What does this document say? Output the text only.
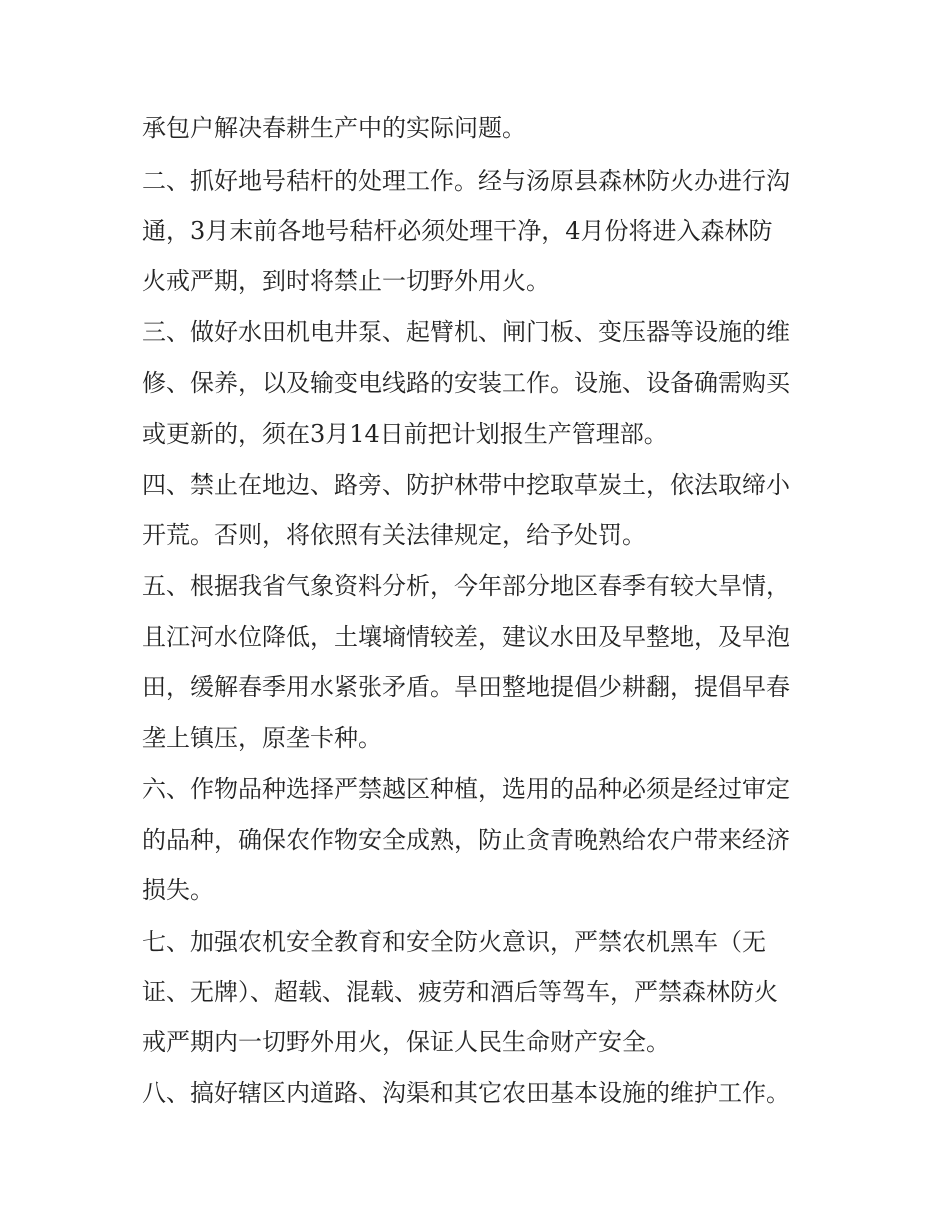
承包户解决春耕生产中的实际问题。
二、抓好地号秸杆的处理工作。经与汤原县森林防火办进行沟
通，3月末前各地号秸杆必须处理干净，4月份将进入森林防
火戒严期，到时将禁止一切野外用火。
三、做好水田机电井泵、起臂机、闸门板、变压器等设施的维
修、保养，以及输变电线路的安装工作。设施、设备确需购买
或更新的，须在3月14日前把计划报生产管理部。
四、禁止在地边、路旁、防护林带中挖取草炭土，依法取缔小
开荒。否则，将依照有关法律规定，给予处罚。
五、根据我省气象资料分析，今年部分地区春季有较大旱情，
且江河水位降低，土壤墒情较差，建议水田及早整地，及早泡
田，缓解春季用水紧张矛盾。旱田整地提倡少耕翻，提倡早春
垄上镇压，原垄卡种。
六、作物品种选择严禁越区种植，选用的品种必须是经过审定
的品种，确保农作物安全成熟，防止贪青晚熟给农户带来经济
损失。
七、加强农机安全教育和安全防火意识，严禁农机黑车（无
证、无牌）、超载、混载、疲劳和酒后等驾车，严禁森林防火
戒严期内一切野外用火，保证人民生命财产安全。
八、搞好辖区内道路、沟渠和其它农田基本设施的维护工作。
